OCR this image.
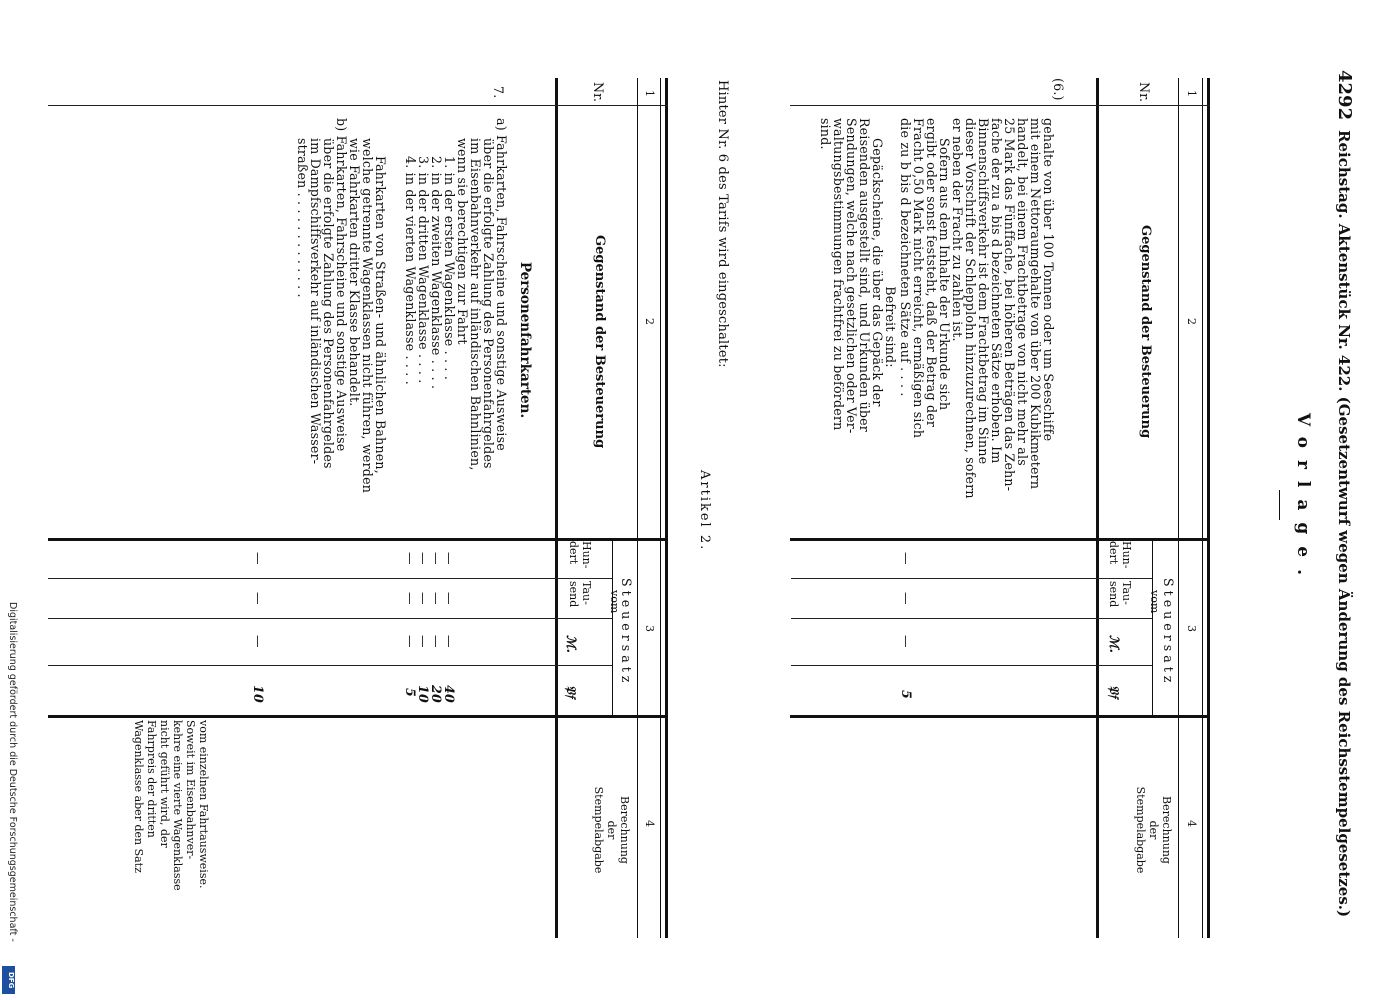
4292
Reichstag. Aktenstück Nr. 422. (Gesetzentwurf wegen Änderung des Reichsstempelgesetzes.)
Vorlage.
1
2
3
4
Nr.
Gegenstand der Besteuerung
Steuersatz
vom
Hun- dert
Tau- send
ℳ.
𝔓𝔣
Berechnung
der
Stempelabgabe
(6.)
gehalte von über 100 Tonnen oder um Seeschiffe
mit einem Nettoraumgehalte von über 200 Kubikmetern
handelt, bei einem Frachtbetrage von nicht mehr als
25 Mark das Fünffache, bei höheren Beträgen das Zehn-
fache der zu a bis d bezeichneten Sätze erhoben. Im
Binnenschiffsverkehr ist dem Frachtbetrag im Sinne
dieser Vorschrift der Schlepplohn hinzuzurechnen, sofern
er neben der Fracht zu zahlen ist.
Sofern aus dem Inhalte der Urkunde sich
ergibt oder sonst feststeht, daß der Betrag der
Fracht 0,50 Mark nicht erreicht, ermäßigen sich
die zu b bis d bezeichneten Sätze auf . . . .
Befreit sind:
Gepäckscheine, die über das Gepäck der
Reisenden ausgestellt sind, und Urkunden über
Sendungen, welche nach gesetzlichen oder Ver-
waltungsbestimmungen frachtfrei zu befördern
sind.
—
—
—
5
Hinter Nr. 6 des Tarifs wird eingeschaltet:
Artikel 2.
1
2
3
4
Nr.
Gegenstand der Besteuerung
Steuersatz
vom
Hun- dert
Tau- send
ℳ.
𝔓𝔣
Berechnung
der
Stempelabgabe
7.
Personenfahrkarten.
a) Fahrkarten, Fahrscheine und sonstige Ausweise
über die erfolgte Zahlung des Personenfahrgeldes
im Eisenbahnverkehr auf inländischen Bahnlinien,
wenn sie berechtigen zur Fahrt
1. in der ersten Wagenklasse . . . .
2. in der zweiten Wagenklasse . . . .
3. in der dritten Wagenklasse . . . .
4. in der vierten Wagenklasse . . . .
Fahrkarten von Straßen- und ähnlichen Bahnen,
welche getrennte Wagenklassen nicht führen, werden
wie Fahrkarten dritter Klasse behandelt.
b) Fahrkarten, Fahrscheine und sonstige Ausweise
über die erfolgte Zahlung des Personenfahrgeldes
im Dampfschiffsverkehr auf inländischen Wasser-
straßen . . . . . . . . . . . . .
—
—
—
40
—
—
—
20
—
—
—
10
—
—
—
5
—
—
—
10
vom einzelnen Fahrtausweise.
Soweit im Eisenbahnver-
kehre eine vierte Wagenklasse
nicht geführt wird, der
Fahrpreis der dritten
Wagenklasse aber den Satz
Digitalisierung gefördert durch die Deutsche Forschungsgemeinschaft -
DFG
